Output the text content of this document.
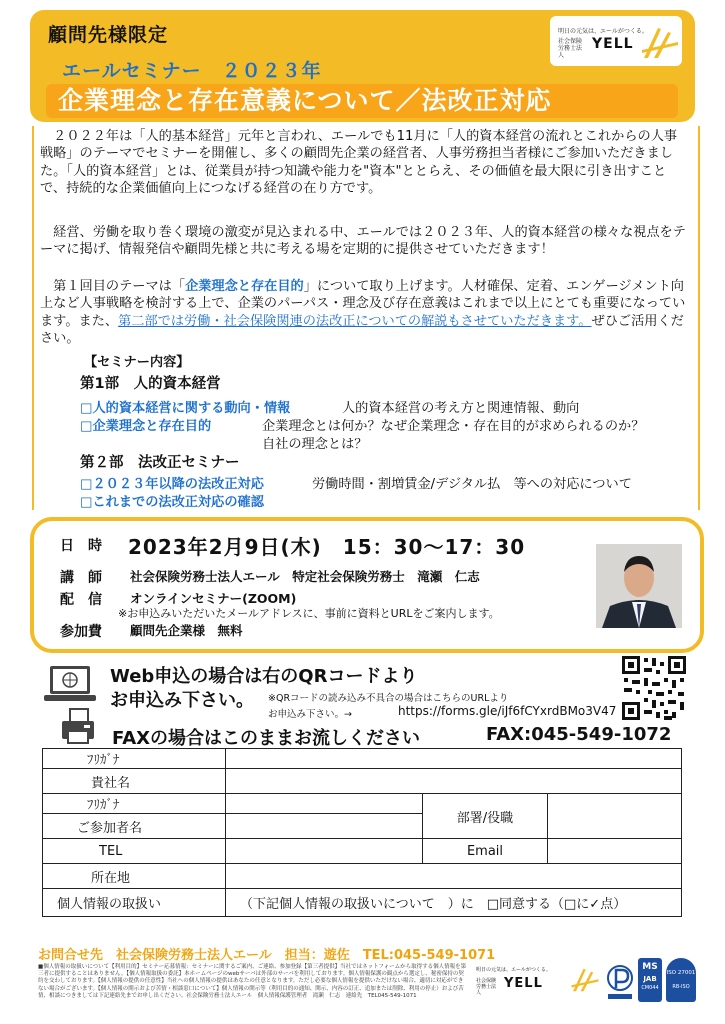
顧問先様限定
エールセミナー　２０２３年
企業理念と存在意義について／法改正対応
明日の元気は、エールがつくる。
社会保険労務士法人
YELL
　２０２２年は「人的基本経営」元年と言われ、エールでも11月に「人的資本経営の流れとこれからの人事戦略」のテーマでセミナーを開催し、多くの顧問先企業の経営者、人事労務担当者様にご参加いただきました。「人的資本経営」とは、従業員が持つ知識や能力を"資本"ととらえ、その価値を最大限に引き出すことで、持続的な企業価値向上につなげる経営の在り方です。
　経営、労働を取り巻く環境の激変が見込まれる中、エールでは２０２３年、人的資本経営の様々な視点をテーマに掲げ、情報発信や顧問先様と共に考える場を定期的に提供させていただきます！
　第１回目のテーマは「企業理念と存在目的」について取り上げます。人材確保、定着、エンゲージメント向上など人事戦略を検討する上で、企業のパーパス・理念及び存在意義はこれまで以上にとても重要になっています。また、第二部では労働・社会保険関連の法改正についての解説もさせていただきます。ぜひご活用ください。
【セミナー内容】
第1部　人的資本経営
□人的資本経営に関する動向・情報	人的資本経営の考え方と関連情報、動向
□企業理念と存在目的	企業理念とは何か？なぜ企業理念・存在目的が求められるのか？
自社の理念とは？
第２部　法改正セミナー
□２０２３年以降の法改正対応	労働時間・割増賃金/デジタル払　等への対応について
□これまでの法改正対応の確認
日　時 2023年2月9日(木)　15：30〜17：30
講　師 社会保険労務士法人エール　特定社会保険労務士　滝瀬　仁志
配　信 オンラインセミナー(ZOOM)
※お申込みいただいたメールアドレスに、事前に資料とURLをご案内します。
参加費 顧問先企業様　無料
Web申込の場合は右のQRコードより
お申込み下さい。 ※QRコードの読み込み不具合の場合はこちらのURLより
お申込み下さい。→	https://forms.gle/iJf6fCYxrdBMo3V47
FAXの場合はこのままお流しください	FAX:045-549-1072
ﾌﾘｶﾞﾅ			
貴社名			
ﾌﾘｶﾞﾅ		部署/役職	
ご参加者名			
TEL		Email	
所在地			
個人情報の取扱い	（下記個人情報の取扱いについて　）に　□同意する（□に✓点）		
お問合せ先　社会保険労務士法人エール　担当：遊佐　TEL:045-549-1071
■個人情報の取扱いについて【利用目的】セミナー応募情報：セミナーに関するご案内、ご連絡、参加登録【第三者提供】当社ではネットフォームから取得する個人情報を第三者に提供することはありません。【個人情報取扱の委託】本ホームページのwebサーバは外部のサーバを利用しております。個人情報保護の観点から選定し、秘密保持の契約を交わしております。【個人情報の提供の任意性】当社への個人情報の提供はあなたの任意となります。ただし必要な個人情報を提供いただけない場合、適切に対応ができない場合がございます。【個人情報の開示および苦情・相談窓口について】個人情報の開示等（利用目的の通知、開示、内容の訂正、追加または削除、利用の停止）および苦情、相談につきましては下記連絡先までお申し出ください。社会保険労務士法人エール　個人情報保護管理者　滝瀬　仁志　連絡先　TEL045-549-1071
明日の元気は、エールがつくる。
社会保険労務士法人
YELL
MS
JAB
CM044
ISO 27001
RB-ISO
